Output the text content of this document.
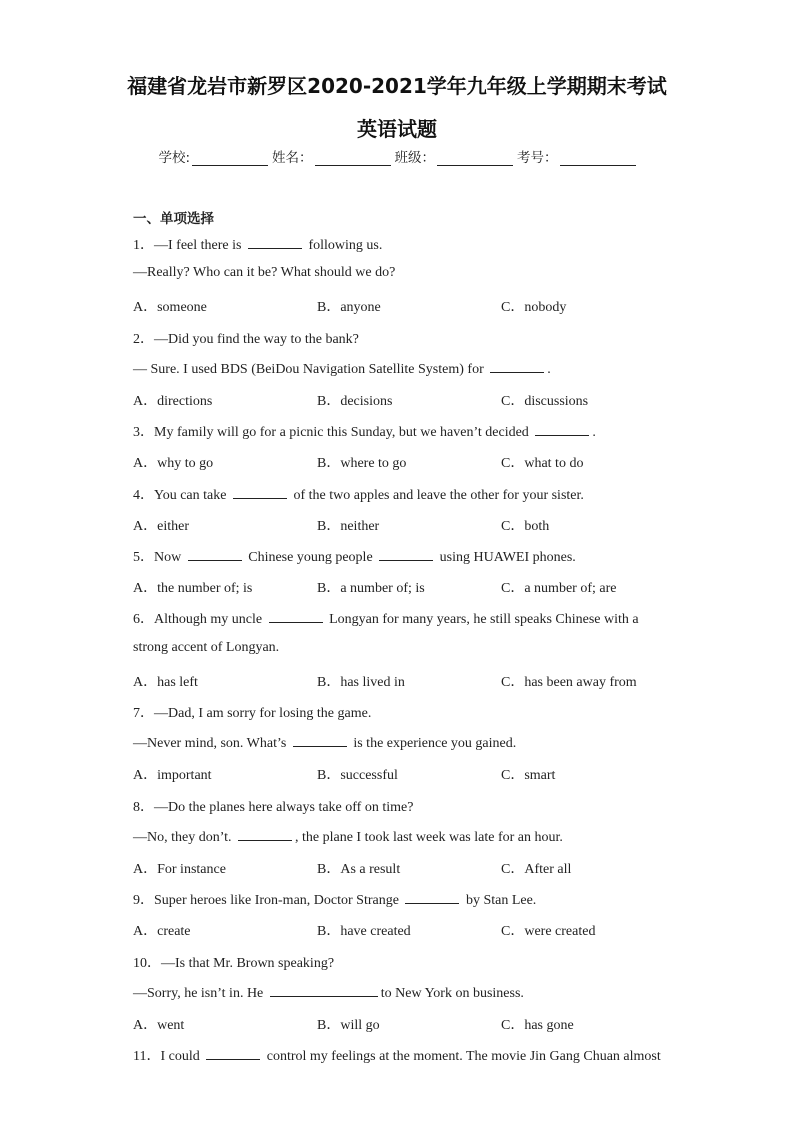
福建省龙岩市新罗区2020-2021学年九年级上学期期末考试
英语试题
学校:	姓名：	班级：	考号：
一、单项选择
1．—I feel there is	following us.
—Really? Who can it be? What should we do?
A．someone	B．anyone	C．nobody
2．—Did you find the way to the bank?
— Sure. I used BDS (BeiDou Navigation Satellite System) for	.
A．directions	B．decisions	C．discussions
3．My family will go for a picnic this Sunday, but we haven’t decided	.
A．why to go	B．where to go	C．what to do
4．You can take	of the two apples and leave the other for your sister.
A．either	B．neither	C．both
5．Now	Chinese young people	using HUAWEI phones.
A．the number of; is	B．a number of; is	C．a number of; are
6．Although my uncle	Longyan for many years, he still speaks Chinese with a
strong accent of Longyan.
A．has left	B．has lived in	C．has been away from
7．—Dad, I am sorry for losing the game.
—Never mind, son. What’s	is the experience you gained.
A．important	B．successful	C．smart
8．—Do the planes here always take off on time?
—No, they don’t.	, the plane I took last week was late for an hour.
A．For instance	B．As a result	C．After all
9．Super heroes like Iron-man, Doctor Strange	by Stan Lee.
A．create	B．have created	C．were created
10．—Is that Mr. Brown speaking?
—Sorry, he isn’t in. He	to New York on business.
A．went	B．will go	C．has gone
11．I could	control my feelings at the moment. The movie Jin Gang Chuan almost
